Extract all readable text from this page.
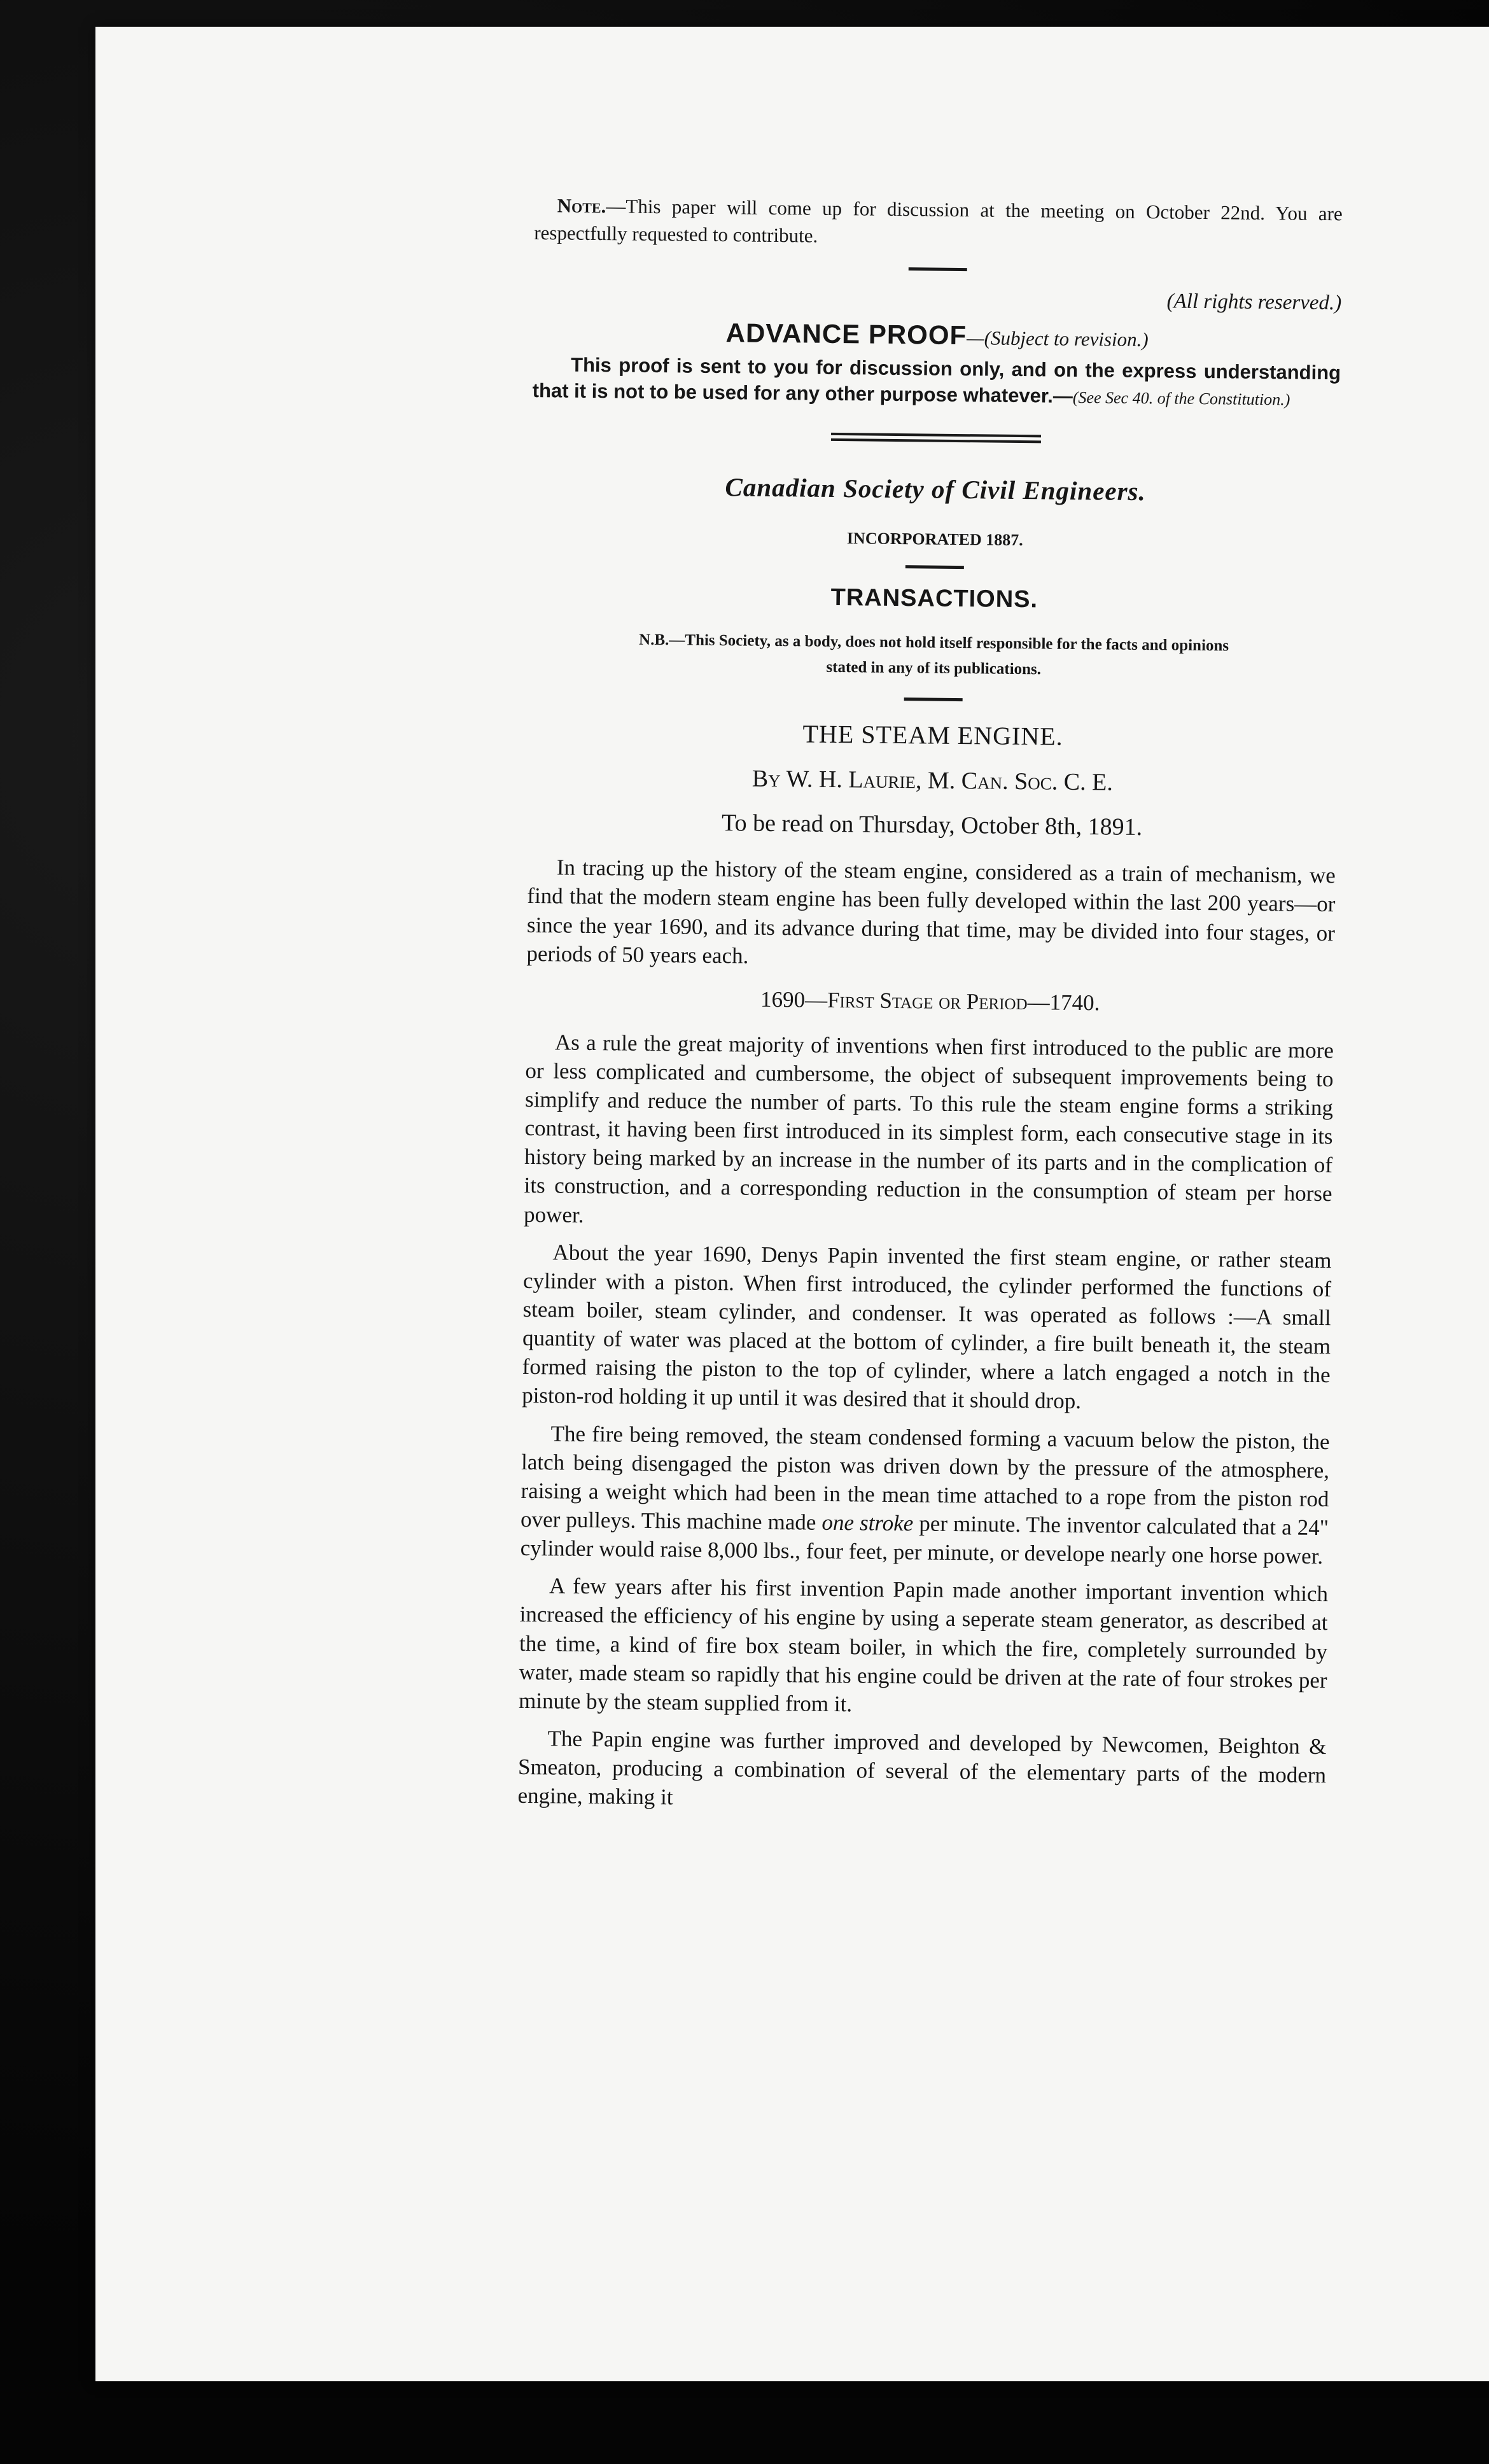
Note.—This paper will come up for discussion at the meeting on October 22nd. You are respectfully requested to contribute.

(All rights reserved.)

ADVANCE PROOF—(Subject to revision.)

This proof is sent to you for discussion only, and on the express understanding that it is not to be used for any other purpose whatever.—(See Sec 40. of the Constitution.)

Canadian Society of Civil Engineers.

INCORPORATED 1887.

TRANSACTIONS.

N.B.—This Society, as a body, does not hold itself responsible for the facts and opinions
stated in any of its publications.

THE STEAM ENGINE.
By W. H. Laurie, M. Can. Soc. C. E.
To be read on Thursday, October 8th, 1891.

In tracing up the history of the steam engine, considered as a train of mechanism, we find that the modern steam engine has been fully developed within the last 200 years—or since the year 1690, and its advance during that time, may be divided into four stages, or periods of 50 years each.

1690—First Stage or Period—1740.

As a rule the great majority of inventions when first introduced to the public are more or less complicated and cumbersome, the object of subsequent improvements being to simplify and reduce the number of parts. To this rule the steam engine forms a striking contrast, it having been first introduced in its simplest form, each consecutive stage in its history being marked by an increase in the number of its parts and in the complication of its construction, and a corresponding reduction in the consumption of steam per horse power.

About the year 1690, Denys Papin invented the first steam engine, or rather steam cylinder with a piston. When first introduced, the cylinder performed the functions of steam boiler, steam cylinder, and condenser. It was operated as follows :—A small quantity of water was placed at the bottom of cylinder, a fire built beneath it, the steam formed raising the piston to the top of cylinder, where a latch engaged a notch in the piston-rod holding it up until it was desired that it should drop.

The fire being removed, the steam condensed forming a vacuum below the piston, the latch being disengaged the piston was driven down by the pressure of the atmosphere, raising a weight which had been in the mean time attached to a rope from the piston rod over pulleys. This machine made one stroke per minute. The inventor calculated that a 24" cylinder would raise 8,000 lbs., four feet, per minute, or develope nearly one horse power.

A few years after his first invention Papin made another important invention which increased the efficiency of his engine by using a seperate steam generator, as described at the time, a kind of fire box steam boiler, in which the fire, completely surrounded by water, made steam so rapidly that his engine could be driven at the rate of four strokes per minute by the steam supplied from it.

The Papin engine was further improved and developed by Newcomen, Beighton & Smeaton, producing a combination of several of the elementary parts of the modern engine, making it
